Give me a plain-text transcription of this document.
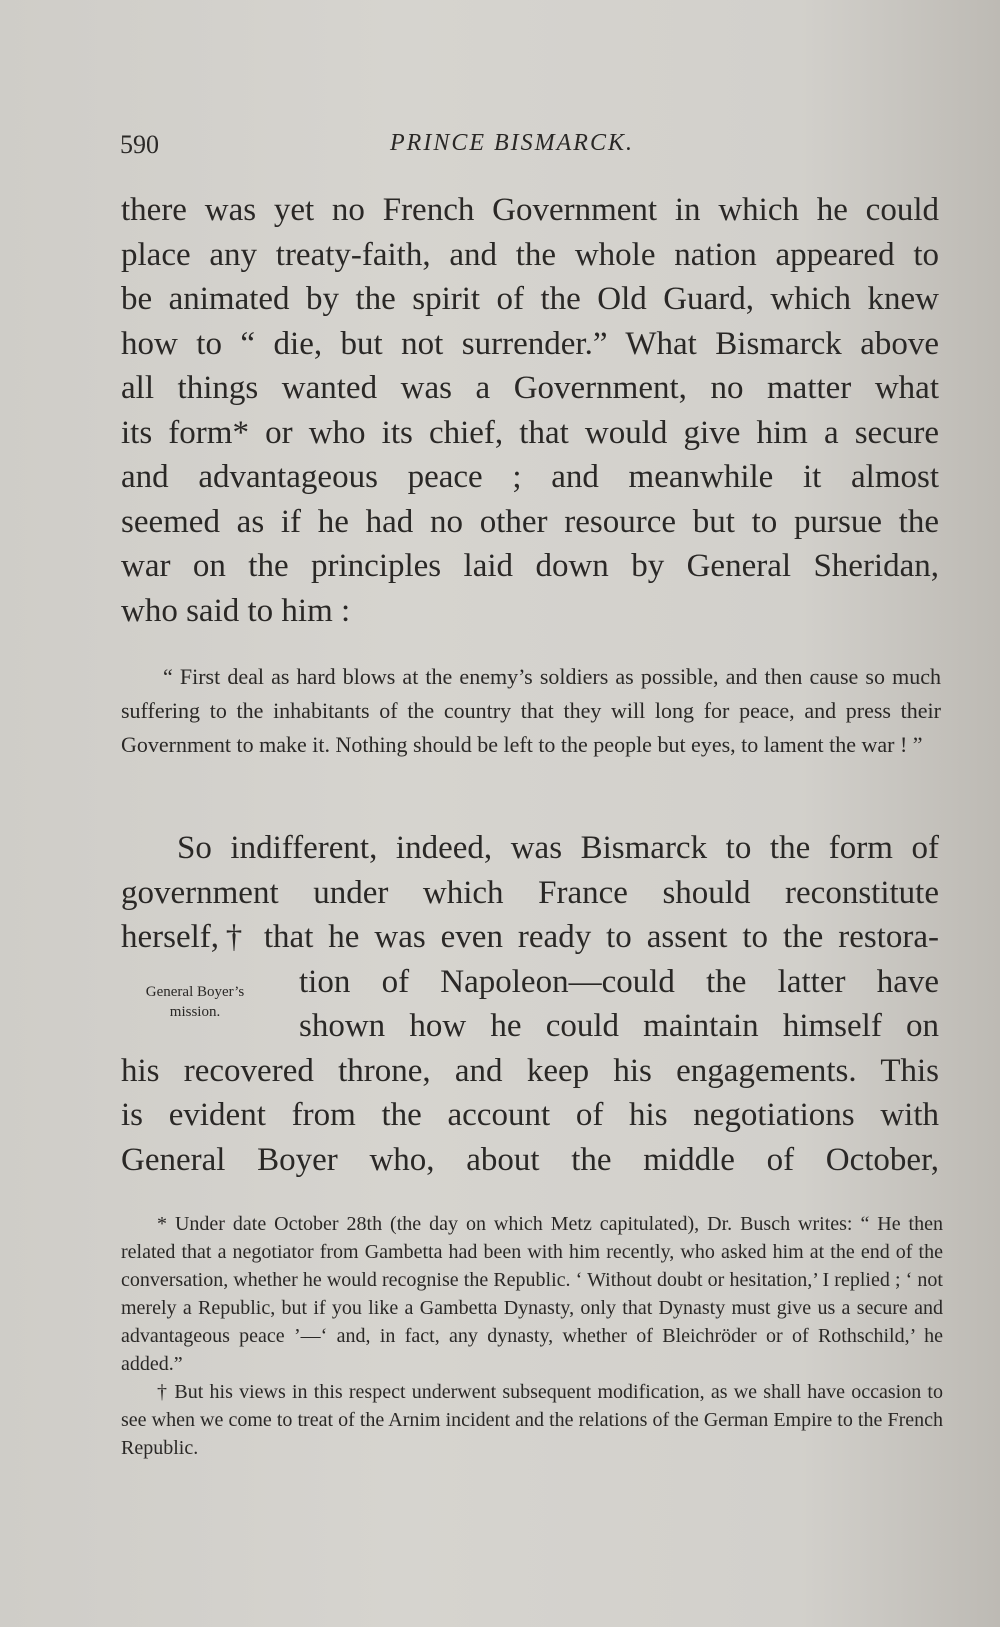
590	PRINCE BISMARCK.
there was yet no French Government in which he could
place any treaty-faith, and the whole nation appeared to
be animated by the spirit of the Old Guard, which knew
how to “ die, but not surrender.” What Bismarck above
all things wanted was a Government, no matter what
its form* or who its chief, that would give him a secure
and advantageous peace ; and meanwhile it almost
seemed as if he had no other resource but to pursue the
war on the principles laid down by General Sheridan,
who said to him :

“ First deal as hard blows at the enemy’s soldiers as possible, and then cause so much suffering to the inhabitants of the country that they will long for peace, and press their Government to make it. Nothing should be left to the people but eyes, to lament the war ! ”

So indifferent, indeed, was Bismarck to the form of
government under which France should reconstitute
herself,† that he was even ready to assent to the restora-
tion of Napoleon—could the latter have
shown how he could maintain himself on
his recovered throne, and keep his engagements. This
is evident from the account of his negotiations with
General Boyer who, about the middle of October,
General Boyer’s
mission.

* Under date October 28th (the day on which Metz capitulated), Dr. Busch writes: “ He then related that a negotiator from Gambetta had been with him recently, who asked him at the end of the conversation, whether he would recognise the Republic. ‘ Without doubt or hesitation,’ I replied ; ‘ not merely a Republic, but if you like a Gambetta Dynasty, only that Dynasty must give us a secure and advantageous peace ’—‘ and, in fact, any dynasty, whether of Bleichröder or of Rothschild,’ he added.”

† But his views in this respect underwent subsequent modification, as we shall have occasion to see when we come to treat of the Arnim incident and the relations of the German Empire to the French Republic.
